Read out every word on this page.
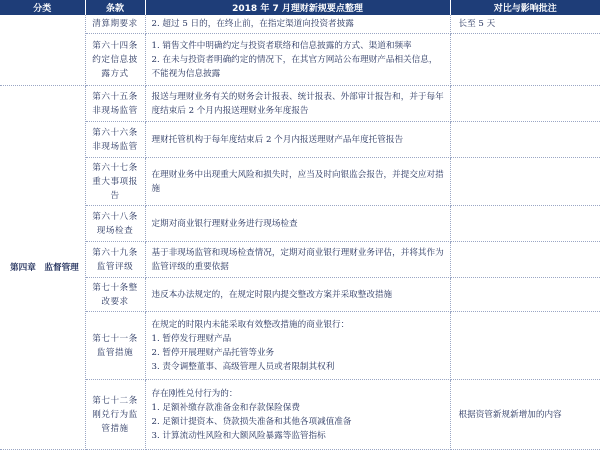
分类	条款	2018 年 7 月理财新规要点整理	对比与影响批注
	清算期要求	2. 超过 5 日的，在终止前，在指定渠道向投资者披露	长至 5 天
	第六十四条约定信息披露方式	1. 销售文件中明确约定与投资者联络和信息披露的方式、渠道和频率
2. 在未与投资者明确约定的情况下，在其官方网站公布理财产品相关信息，不能视为信息披露	

第四章　监督管理	第六十五条非现场监管	报送与理财业务有关的财务会计报表、统计报表、外部审计报告和，并于每年度结束后 2 个月内报送理财业务年度报告	

	第六十六条非现场监管	理财托管机构于每年度结束后 2 个月内报送理财产品年度托管报告	

	第六十七条重大事项报告	在理财业务中出现重大风险和损失时，应当及时向银监会报告，并提交应对措施	

	第六十八条现场检查	定期对商业银行理财业务进行现场检查	

	第六十九条监管评级	基于非现场监管和现场检查情况，定期对商业银行理财业务评估，并将其作为监管评级的重要依据	

	第七十条整改要求	违反本办法规定的，在规定时限内提交整改方案并采取整改措施	

	第七十一条监管措施	在规定的时限内未能采取有效整改措施的商业银行：
1. 暂停发行理财产品
2. 暂停开展理财产品托管等业务
3. 责令调整董事、高级管理人员或者限制其权利	

	第七十二条刚兑行为监管措施	存在刚性兑付行为的：
1. 足额补缴存款准备金和存款保险保费
2. 足额计提资本、贷款损失准备和其他各项减值准备
3. 计算流动性风险和大额风险暴露等监管指标	根据资管新规新增加的内容
